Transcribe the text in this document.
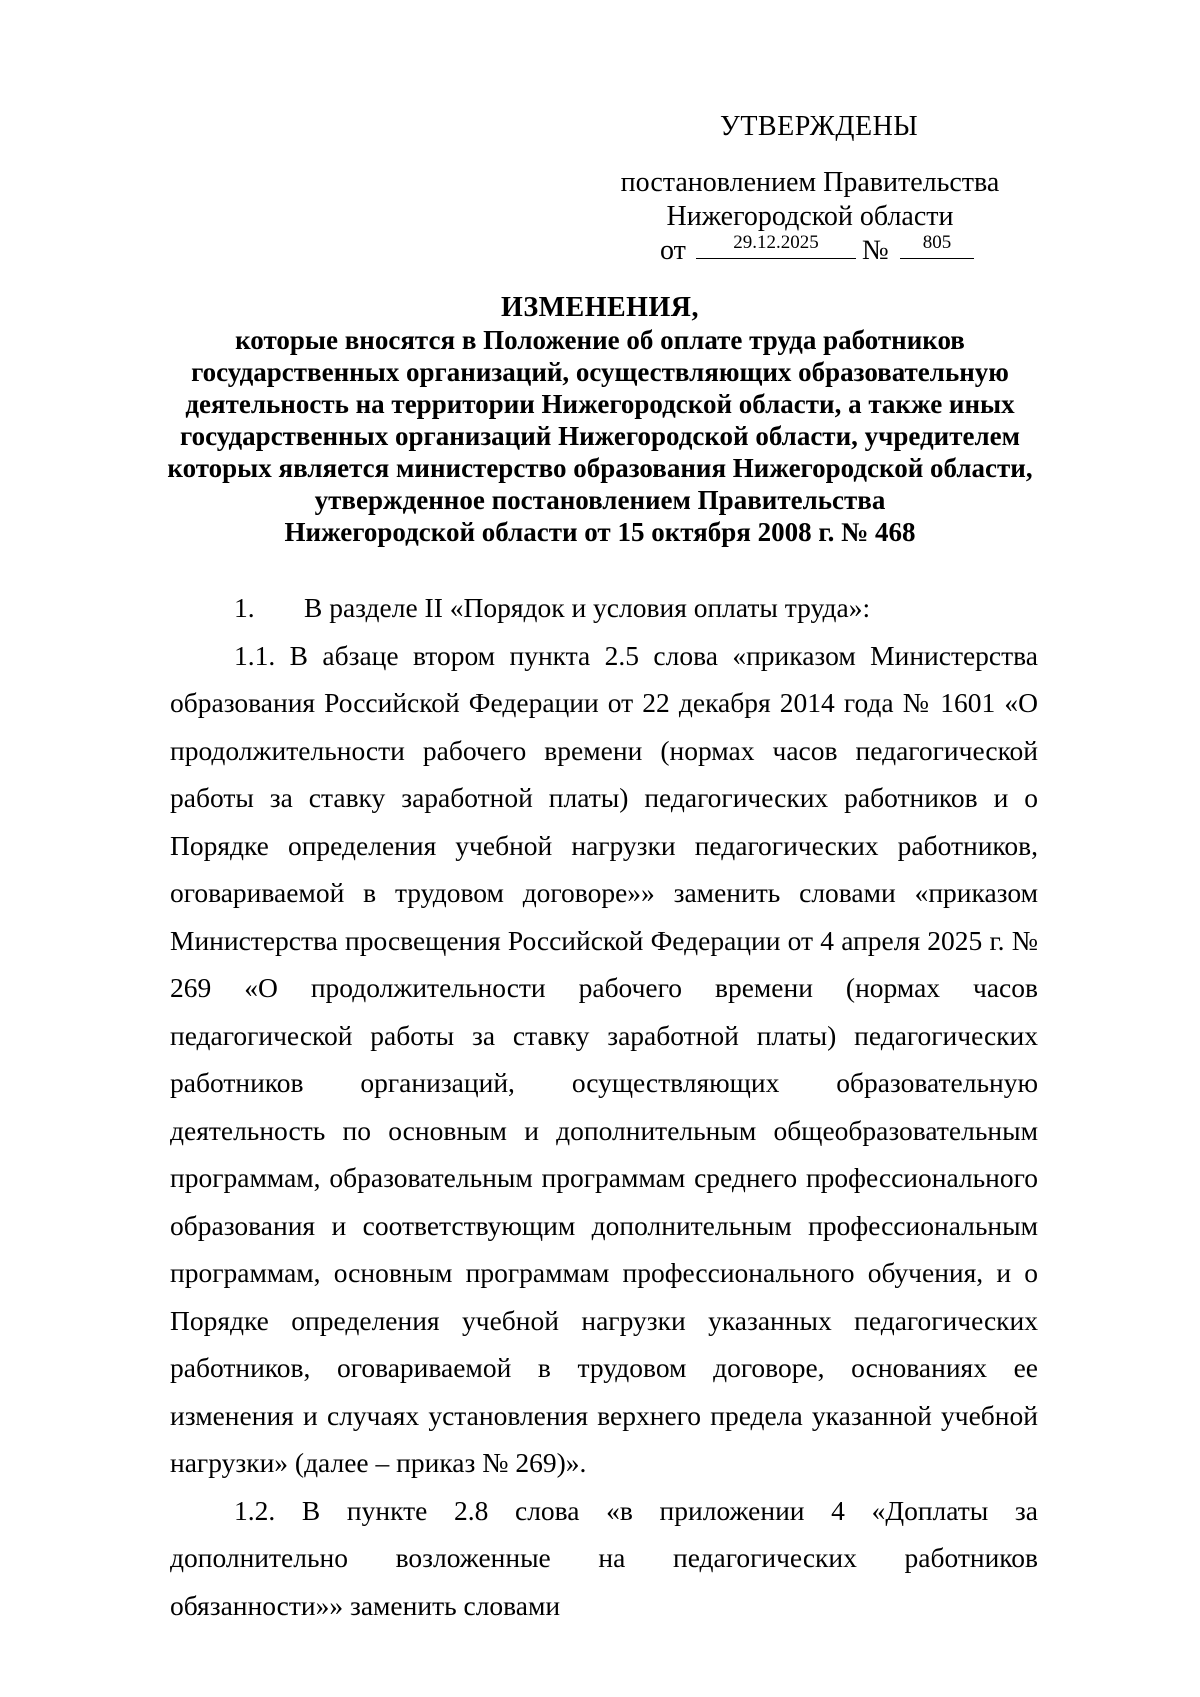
УТВЕРЖДЕНЫ
постановлением Правительства
Нижегородской области
от	29.12.2025	№	805
ИЗМЕНЕНИЯ,
которые вносятся в Положение об оплате труда работников
государственных организаций, осуществляющих образовательную
деятельность на территории Нижегородской области, а также иных
государственных организаций Нижегородской области, учредителем
которых является министерство образования Нижегородской области,
утвержденное постановлением Правительства
Нижегородской области от 15 октября 2008 г. № 468

1. В разделе II «Порядок и условия оплаты труда»:

1.1. В абзаце втором пункта 2.5 слова «приказом Министерства образования Российской Федерации от 22 декабря 2014 года № 1601 «О продолжительности рабочего времени (нормах часов педагогической работы за ставку заработной платы) педагогических работников и о Порядке определения учебной нагрузки педагогических работников, оговариваемой в трудовом договоре»» заменить словами «приказом Министерства просвещения Российской Федерации от 4 апреля 2025 г. № 269 «О продолжительности рабочего времени (нормах часов педагогической работы за ставку заработной платы) педагогических работников организаций, осуществляющих образовательную деятельность по основным и дополнительным общеобразовательным программам, образовательным программам среднего профессионального образования и соответствующим дополнительным профессиональным программам, основным программам профессионального обучения, и о Порядке определения учебной нагрузки указанных педагогических работников, оговариваемой в трудовом договоре, основаниях ее изменения и случаях установления верхнего предела указанной учебной нагрузки» (далее – приказ № 269)».

1.2. В пункте 2.8 слова «в приложении 4 «Доплаты за дополнительно возложенные на педагогических работников обязанности»» заменить словами
